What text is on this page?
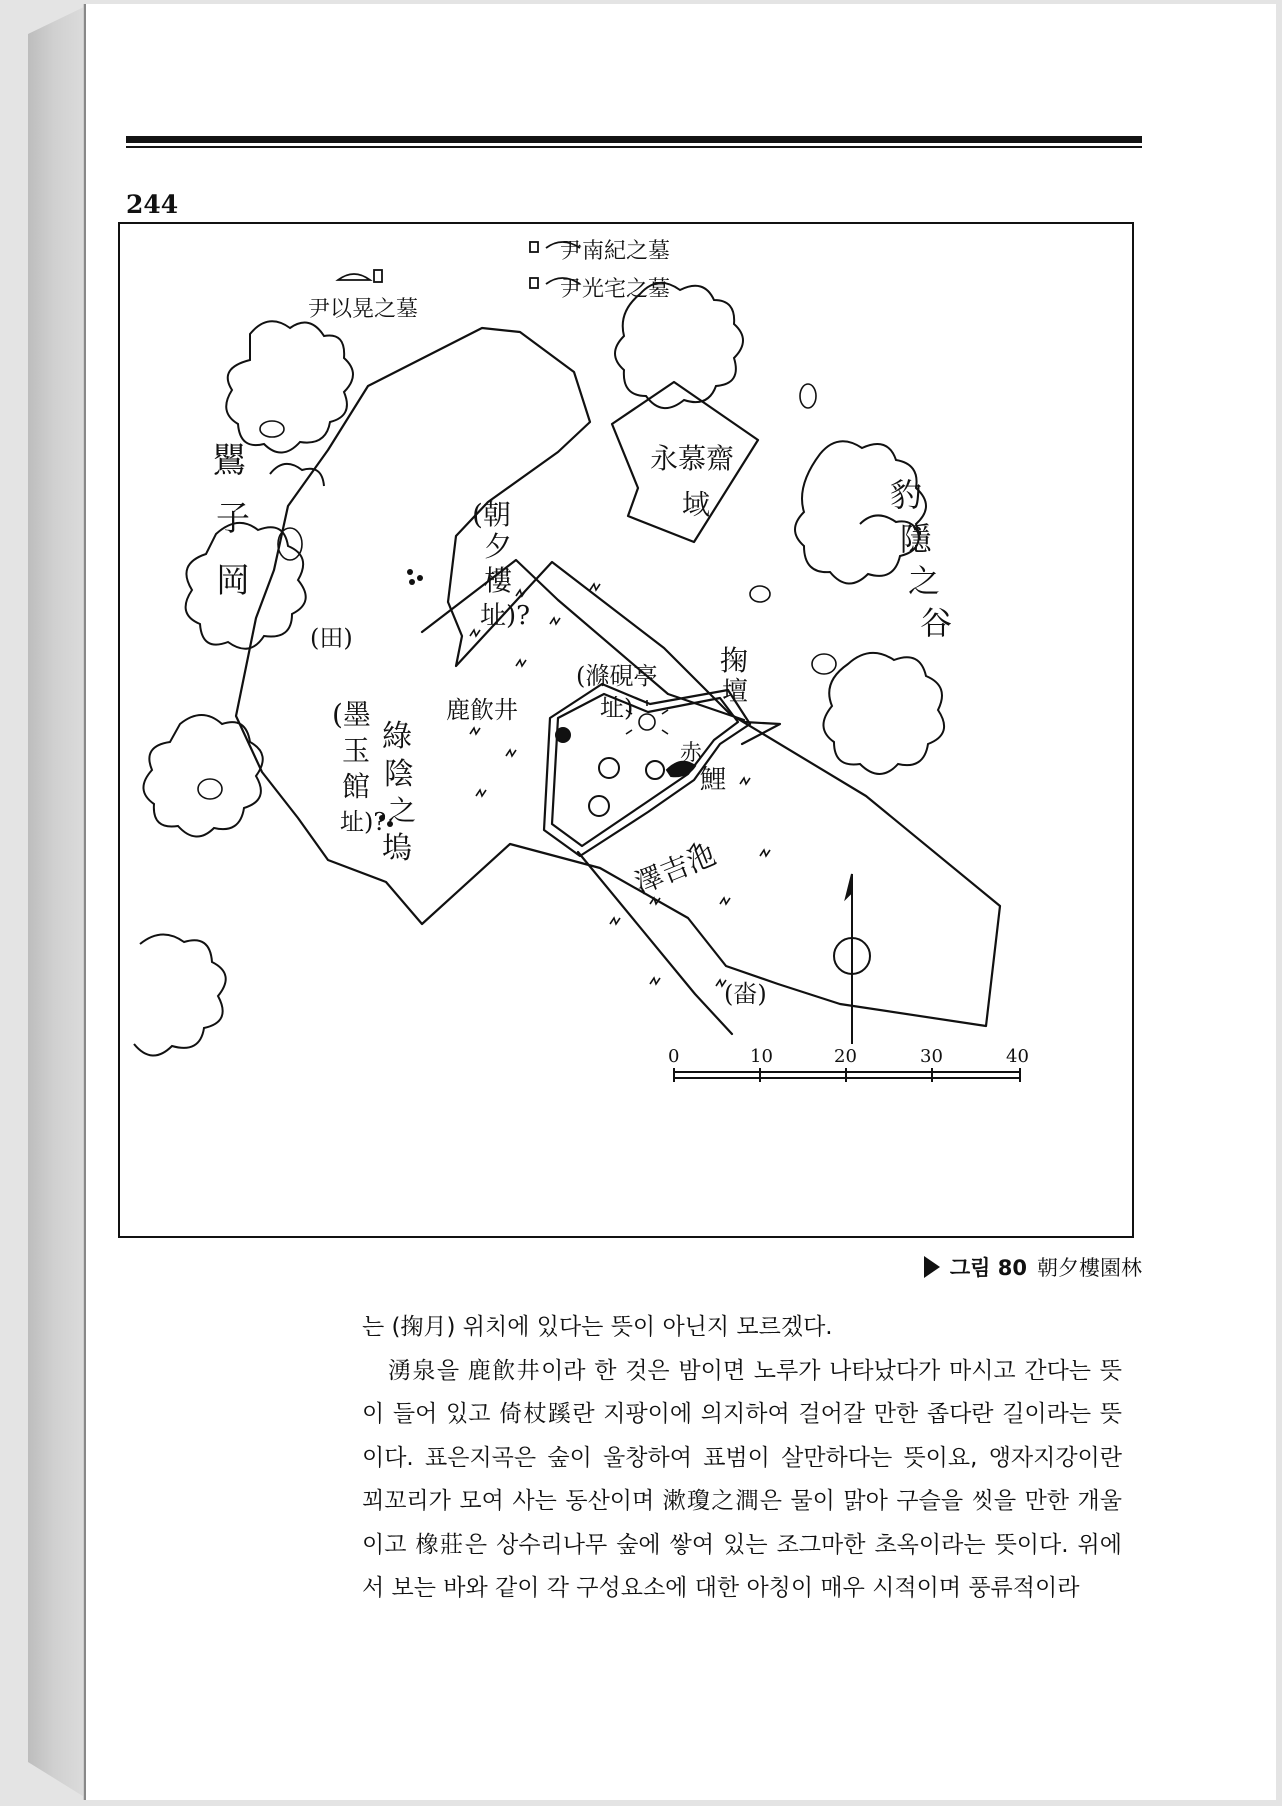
244
尹南紀之墓
尹光宅之墓
尹以晃之墓
永慕齋
域
(朝
夕
樓
址)?
鸎
子
岡
豹
隱
之
谷
(田)
(墨
玉
館
址)?
綠
陰
之
塢
鹿飮井
(滌硯亭
址)
掬
壇
赤
鯉
澤吉池
(畓)
0	10	20	30	40
그림 80 朝夕樓園林

는 (掬月) 위치에 있다는 뜻이 아닌지 모르겠다.

湧泉을 鹿飮井이라 한 것은 밤이면 노루가 나타났다가 마시고 간다는 뜻이 들어 있고 倚杖蹊란 지팡이에 의지하여 걸어갈 만한 좁다란 길이라는 뜻이다. 표은지곡은 숲이 울창하여 표범이 살만하다는 뜻이요, 앵자지강이란 꾀꼬리가 모여 사는 동산이며 漱瓊之澗은 물이 맑아 구슬을 씻을 만한 개울이고 橡莊은 상수리나무 숲에 쌓여 있는 조그마한 초옥이라는 뜻이다. 위에서 보는 바와 같이 각 구성요소에 대한 아칭이 매우 시적이며 풍류적이라
